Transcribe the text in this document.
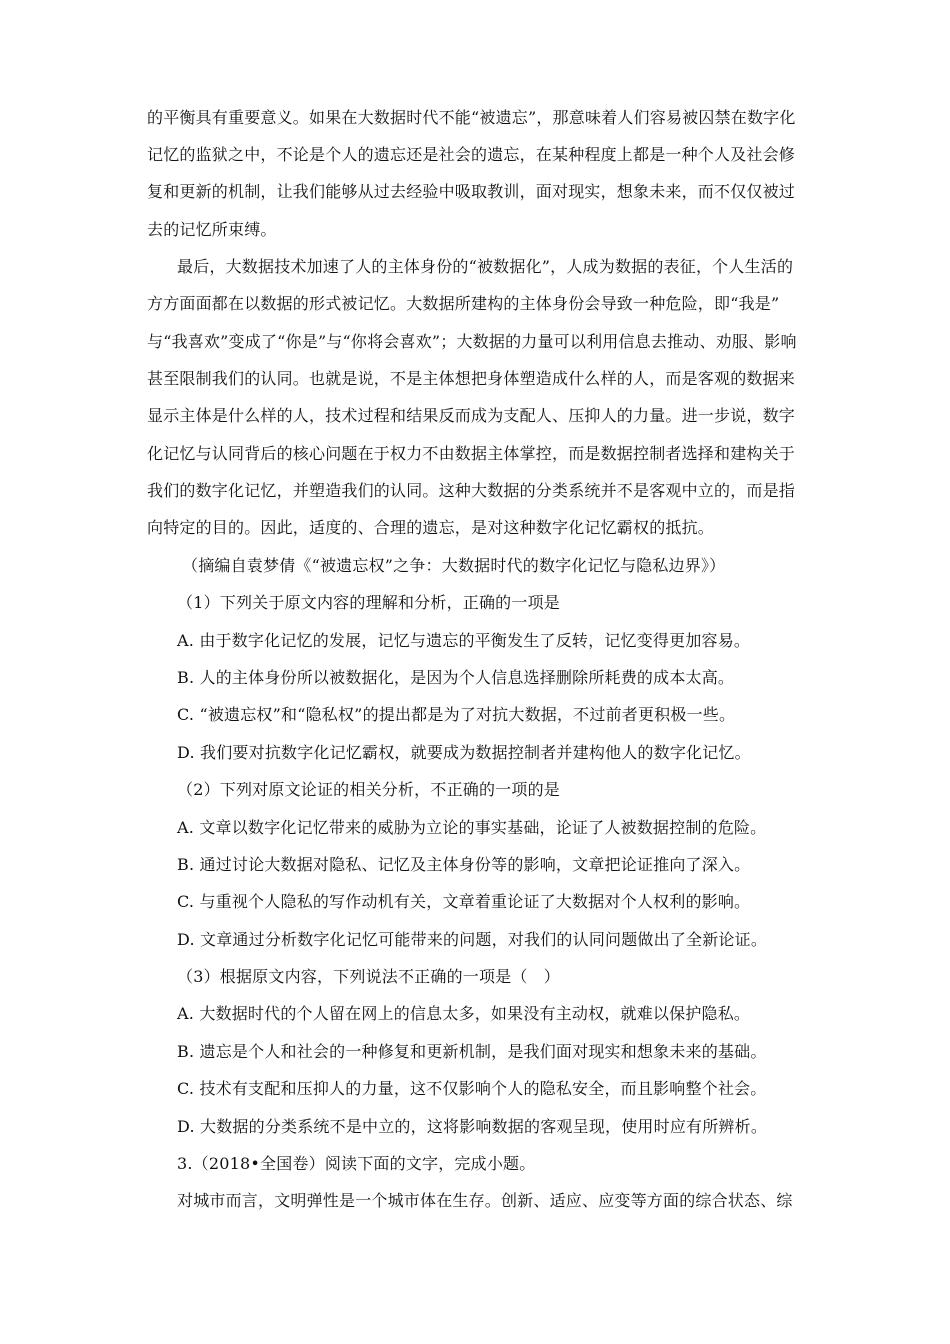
的平衡具有重要意义。如果在大数据时代不能“被遗忘”，那意味着人们容易被囚禁在数字化
记忆的监狱之中，不论是个人的遗忘还是社会的遗忘，在某种程度上都是一种个人及社会修
复和更新的机制，让我们能够从过去经验中吸取教训，面对现实，想象未来，而不仅仅被过
去的记忆所束缚。
最后，大数据技术加速了人的主体身份的“被数据化”，人成为数据的表征，个人生活的
方方面面都在以数据的形式被记忆。大数据所建构的主体身份会导致一种危险，即“我是”
与“我喜欢”变成了“你是”与“你将会喜欢”；大数据的力量可以利用信息去推动、劝服、影响
甚至限制我们的认同。也就是说，不是主体想把身体塑造成什么样的人，而是客观的数据来
显示主体是什么样的人，技术过程和结果反而成为支配人、压抑人的力量。进一步说，数字
化记忆与认同背后的核心问题在于权力不由数据主体掌控，而是数据控制者选择和建构关于
我们的数字化记忆，并塑造我们的认同。这种大数据的分类系统并不是客观中立的，而是指
向特定的目的。因此，适度的、合理的遗忘，是对这种数字化记忆霸权的抵抗。
（摘编自袁梦倩《“被遗忘权”之争：大数据时代的数字化记忆与隐私边界》）
（1）下列关于原文内容的理解和分析，正确的一项是
A. 由于数字化记忆的发展，记忆与遗忘的平衡发生了反转，记忆变得更加容易。
B. 人的主体身份所以被数据化，是因为个人信息选择删除所耗费的成本太高。
C. “被遗忘权”和“隐私权”的提出都是为了对抗大数据，不过前者更积极一些。
D. 我们要对抗数字化记忆霸权，就要成为数据控制者并建构他人的数字化记忆。
（2）下列对原文论证的相关分析，不正确的一项的是
A. 文章以数字化记忆带来的威胁为立论的事实基础，论证了人被数据控制的危险。
B. 通过讨论大数据对隐私、记忆及主体身份等的影响，文章把论证推向了深入。
C. 与重视个人隐私的写作动机有关，文章着重论证了大数据对个人权利的影响。
D. 文章通过分析数字化记忆可能带来的问题，对我们的认同问题做出了全新论证。
（3）根据原文内容，下列说法不正确的一项是（　）
A. 大数据时代的个人留在网上的信息太多，如果没有主动权，就难以保护隐私。
B. 遗忘是个人和社会的一种修复和更新机制，是我们面对现实和想象未来的基础。
C. 技术有支配和压抑人的力量，这不仅影响个人的隐私安全，而且影响整个社会。
D. 大数据的分类系统不是中立的，这将影响数据的客观呈现，使用时应有所辨析。
3.（2018•全国卷）阅读下面的文字，完成小题。
对城市而言，文明弹性是一个城市体在生存。创新、适应、应变等方面的综合状态、综
